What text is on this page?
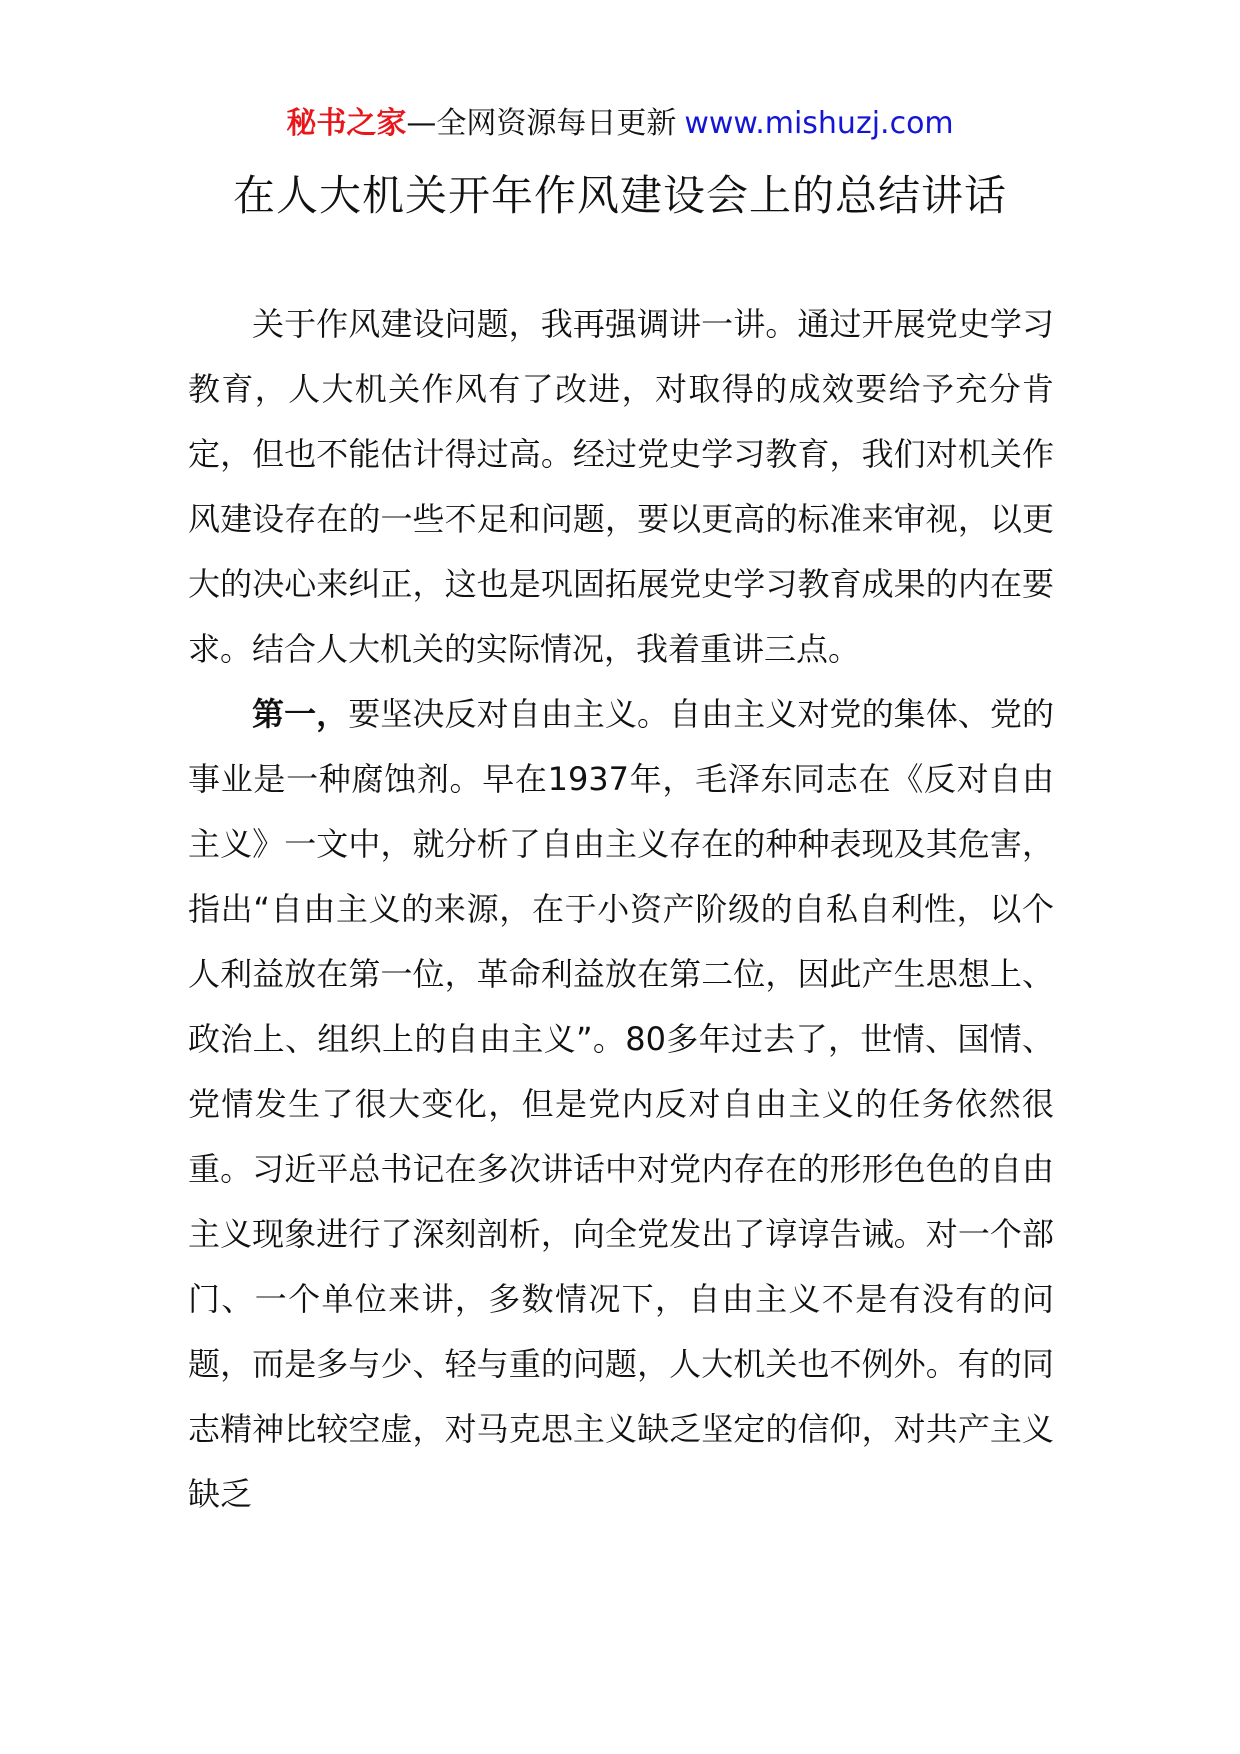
秘书之家—全网资源每日更新 www.mishuzj.com
在人大机关开年作风建设会上的总结讲话

关于作风建设问题，我再强调讲一讲。通过开展党史学习教育，人大机关作风有了改进，对取得的成效要给予充分肯定，但也不能估计得过高。经过党史学习教育，我们对机关作风建设存在的一些不足和问题，要以更高的标准来审视，以更大的决心来纠正，这也是巩固拓展党史学习教育成果的内在要求。结合人大机关的实际情况，我着重讲三点。

第一，要坚决反对自由主义。自由主义对党的集体、党的事业是一种腐蚀剂。早在1937年，毛泽东同志在《反对自由主义》一文中，就分析了自由主义存在的种种表现及其危害，指出“自由主义的来源，在于小资产阶级的自私自利性，以个人利益放在第一位，革命利益放在第二位，因此产生思想上、政治上、组织上的自由主义”。80多年过去了，世情、国情、党情发生了很大变化，但是党内反对自由主义的任务依然很重。习近平总书记在多次讲话中对党内存在的形形色色的自由主义现象进行了深刻剖析，向全党发出了谆谆告诫。对一个部门、一个单位来讲，多数情况下，自由主义不是有没有的问题，而是多与少、轻与重的问题，人大机关也不例外。有的同志精神比较空虚，对马克思主义缺乏坚定的信仰，对共产主义缺乏
